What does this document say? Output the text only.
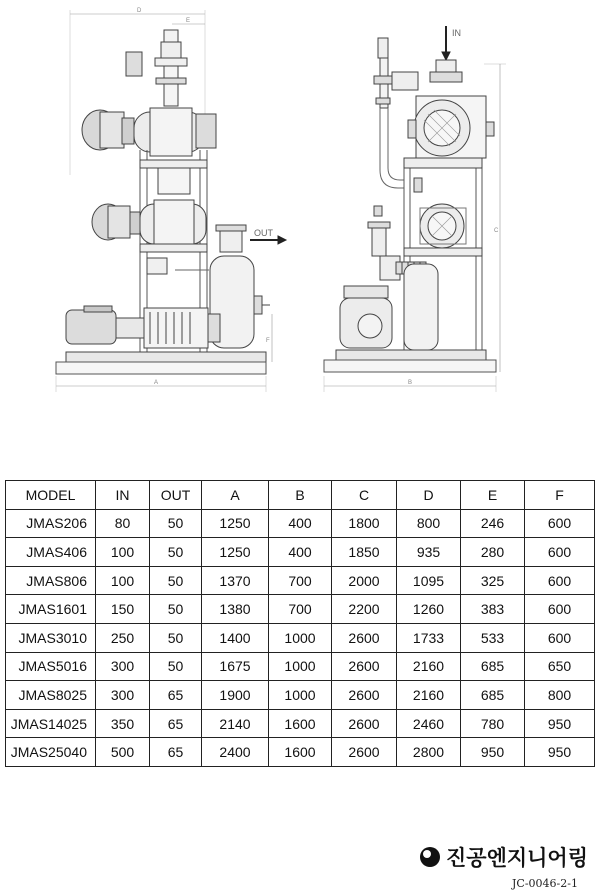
D
E
OUT
A
F
IN
C
B
MODEL	IN	OUT	A	B	C	D	E	F
JMAS206	80	50	1250	400	1800	800	246	600
JMAS406	100	50	1250	400	1850	935	280	600
JMAS806	100	50	1370	700	2000	1095	325	600
JMAS1601	150	50	1380	700	2200	1260	383	600
JMAS3010	250	50	1400	1000	2600	1733	533	600
JMAS5016	300	50	1675	1000	2600	2160	685	650
JMAS8025	300	65	1900	1000	2600	2160	685	800
JMAS14025	350	65	2140	1600	2600	2460	780	950
JMAS25040	500	65	2400	1600	2600	2800	950	950
진공엔지니어링
JC-0046-2-1
